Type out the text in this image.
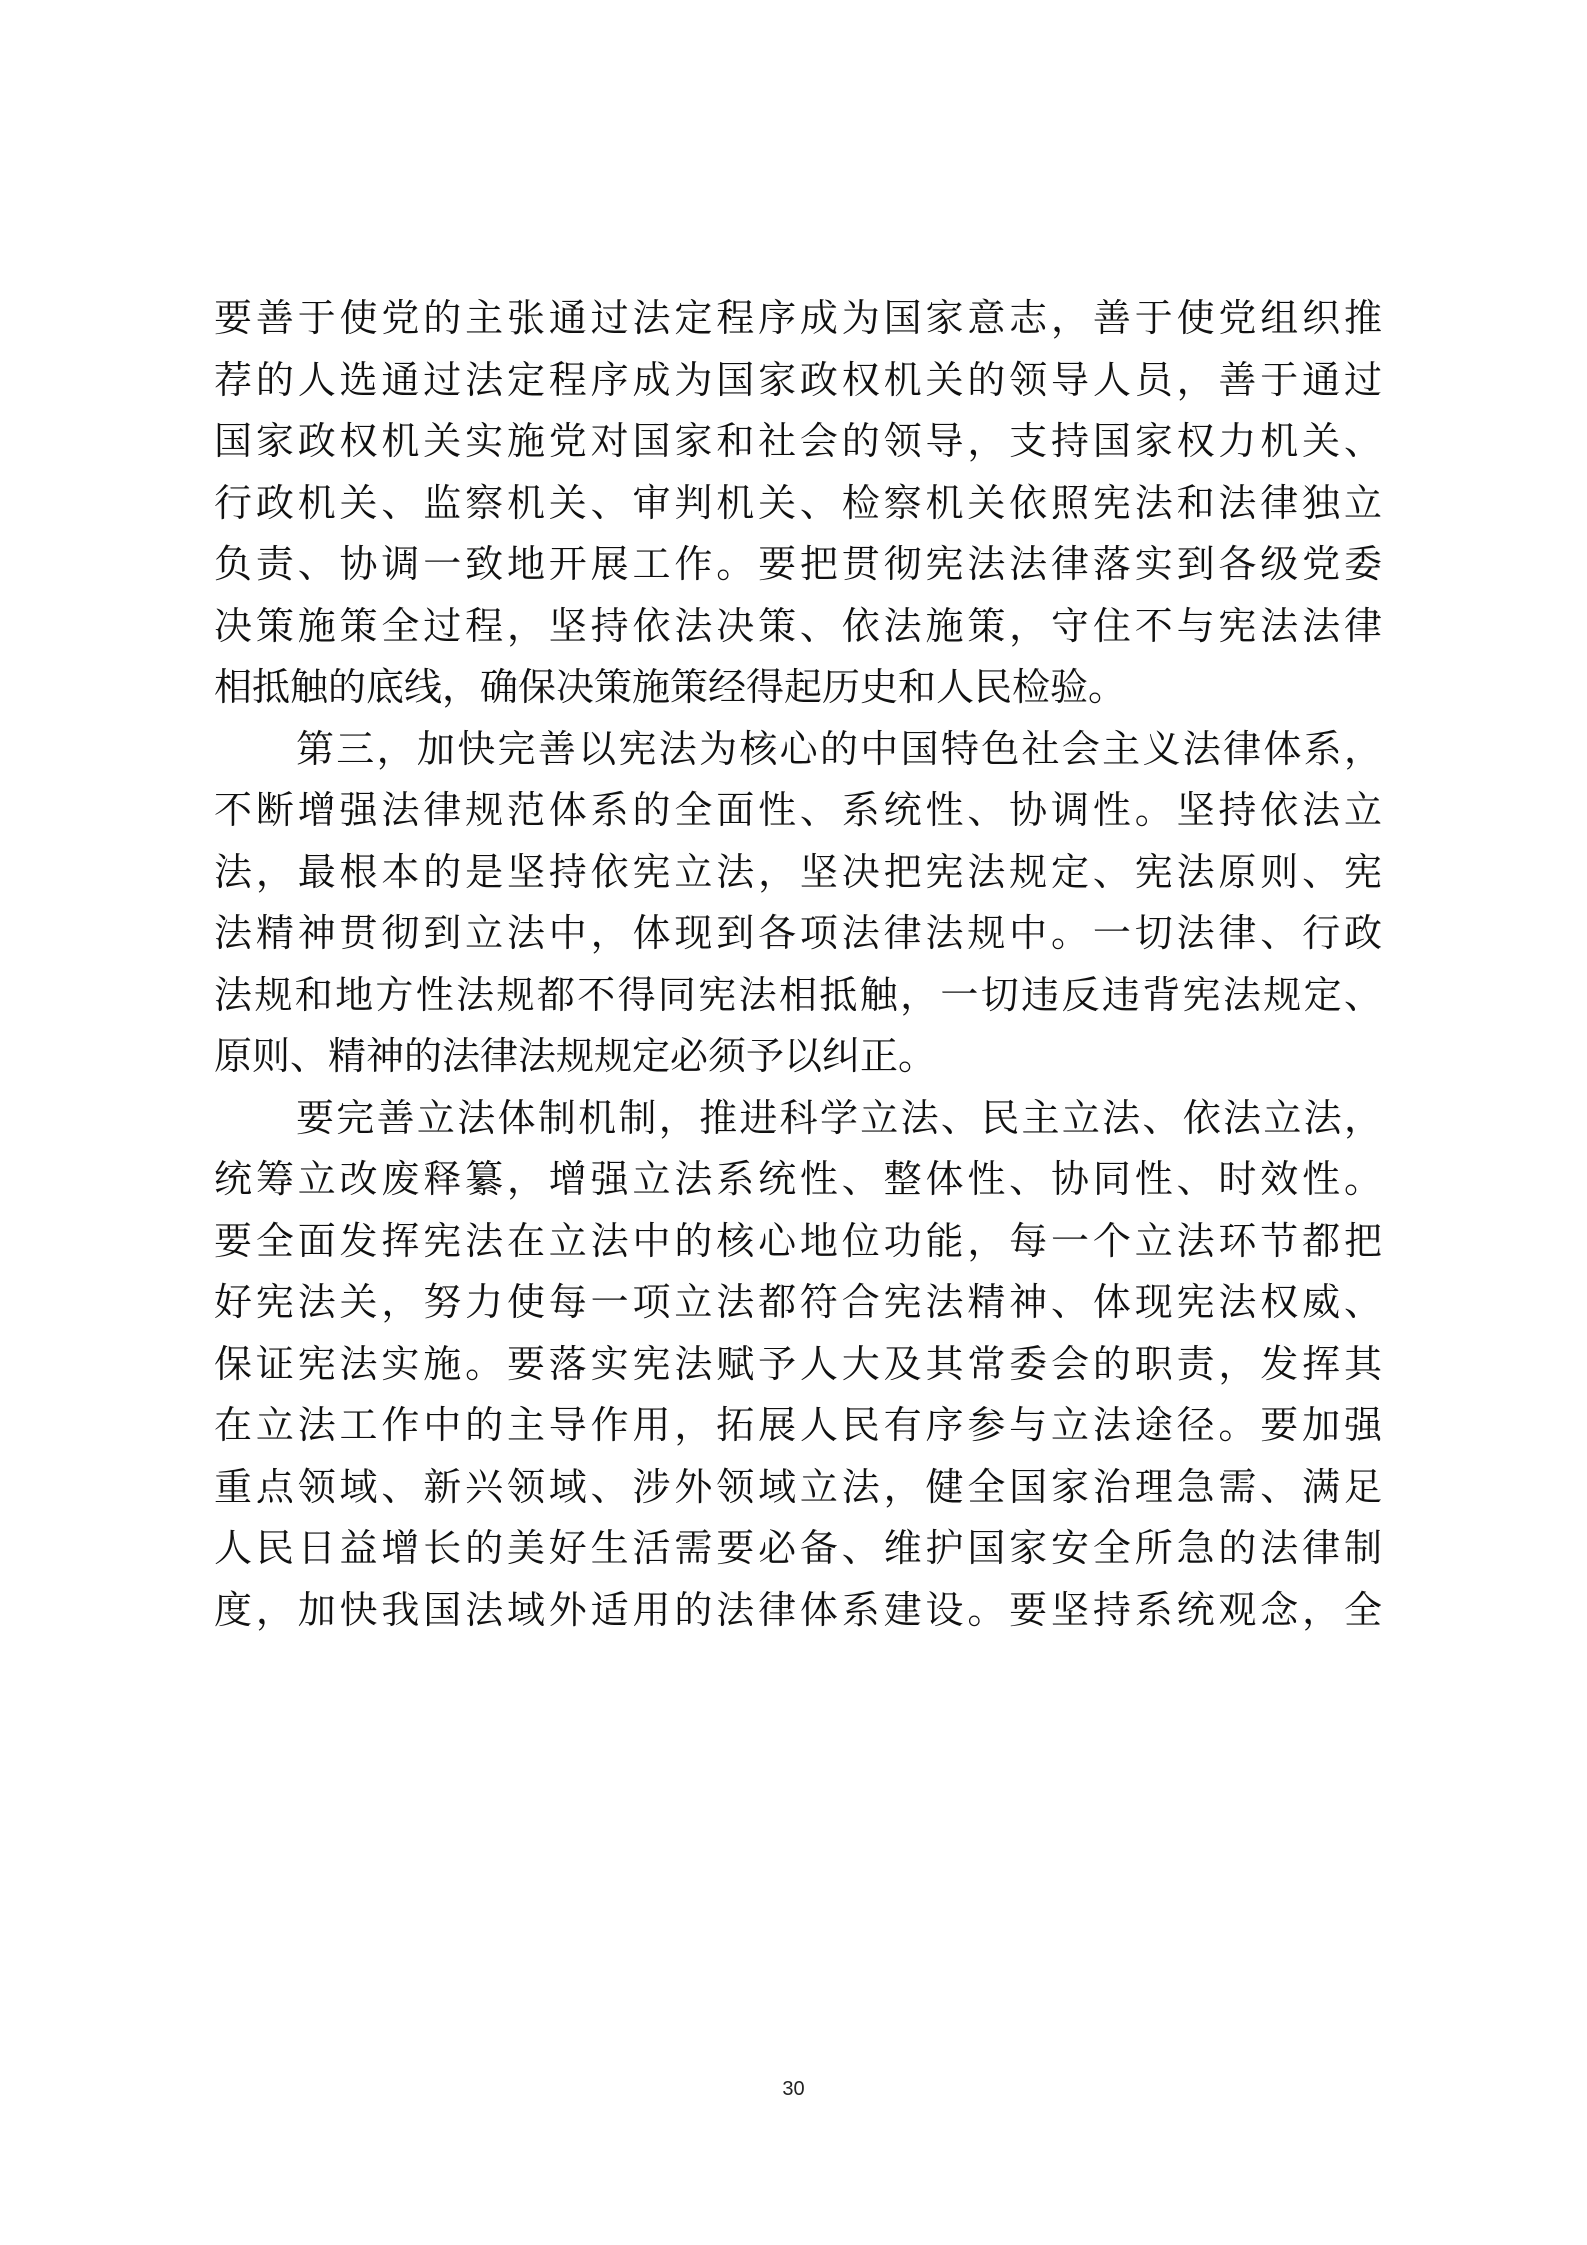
要善于使党的主张通过法定程序成为国家意志，善于使党组织推
荐的人选通过法定程序成为国家政权机关的领导人员，善于通过
国家政权机关实施党对国家和社会的领导，支持国家权力机关、
行政机关、监察机关、审判机关、检察机关依照宪法和法律独立
负责、协调一致地开展工作。要把贯彻宪法法律落实到各级党委
决策施策全过程，坚持依法决策、依法施策，守住不与宪法法律
相抵触的底线，确保决策施策经得起历史和人民检验。
第三，加快完善以宪法为核心的中国特色社会主义法律体系，
不断增强法律规范体系的全面性、系统性、协调性。坚持依法立
法，最根本的是坚持依宪立法，坚决把宪法规定、宪法原则、宪
法精神贯彻到立法中，体现到各项法律法规中。一切法律、行政
法规和地方性法规都不得同宪法相抵触，一切违反违背宪法规定、
原则、精神的法律法规规定必须予以纠正。
要完善立法体制机制，推进科学立法、民主立法、依法立法，
统筹立改废释纂，增强立法系统性、整体性、协同性、时效性。
要全面发挥宪法在立法中的核心地位功能，每一个立法环节都把
好宪法关，努力使每一项立法都符合宪法精神、体现宪法权威、
保证宪法实施。要落实宪法赋予人大及其常委会的职责，发挥其
在立法工作中的主导作用，拓展人民有序参与立法途径。要加强
重点领域、新兴领域、涉外领域立法，健全国家治理急需、满足
人民日益增长的美好生活需要必备、维护国家安全所急的法律制
度，加快我国法域外适用的法律体系建设。要坚持系统观念，全
30
